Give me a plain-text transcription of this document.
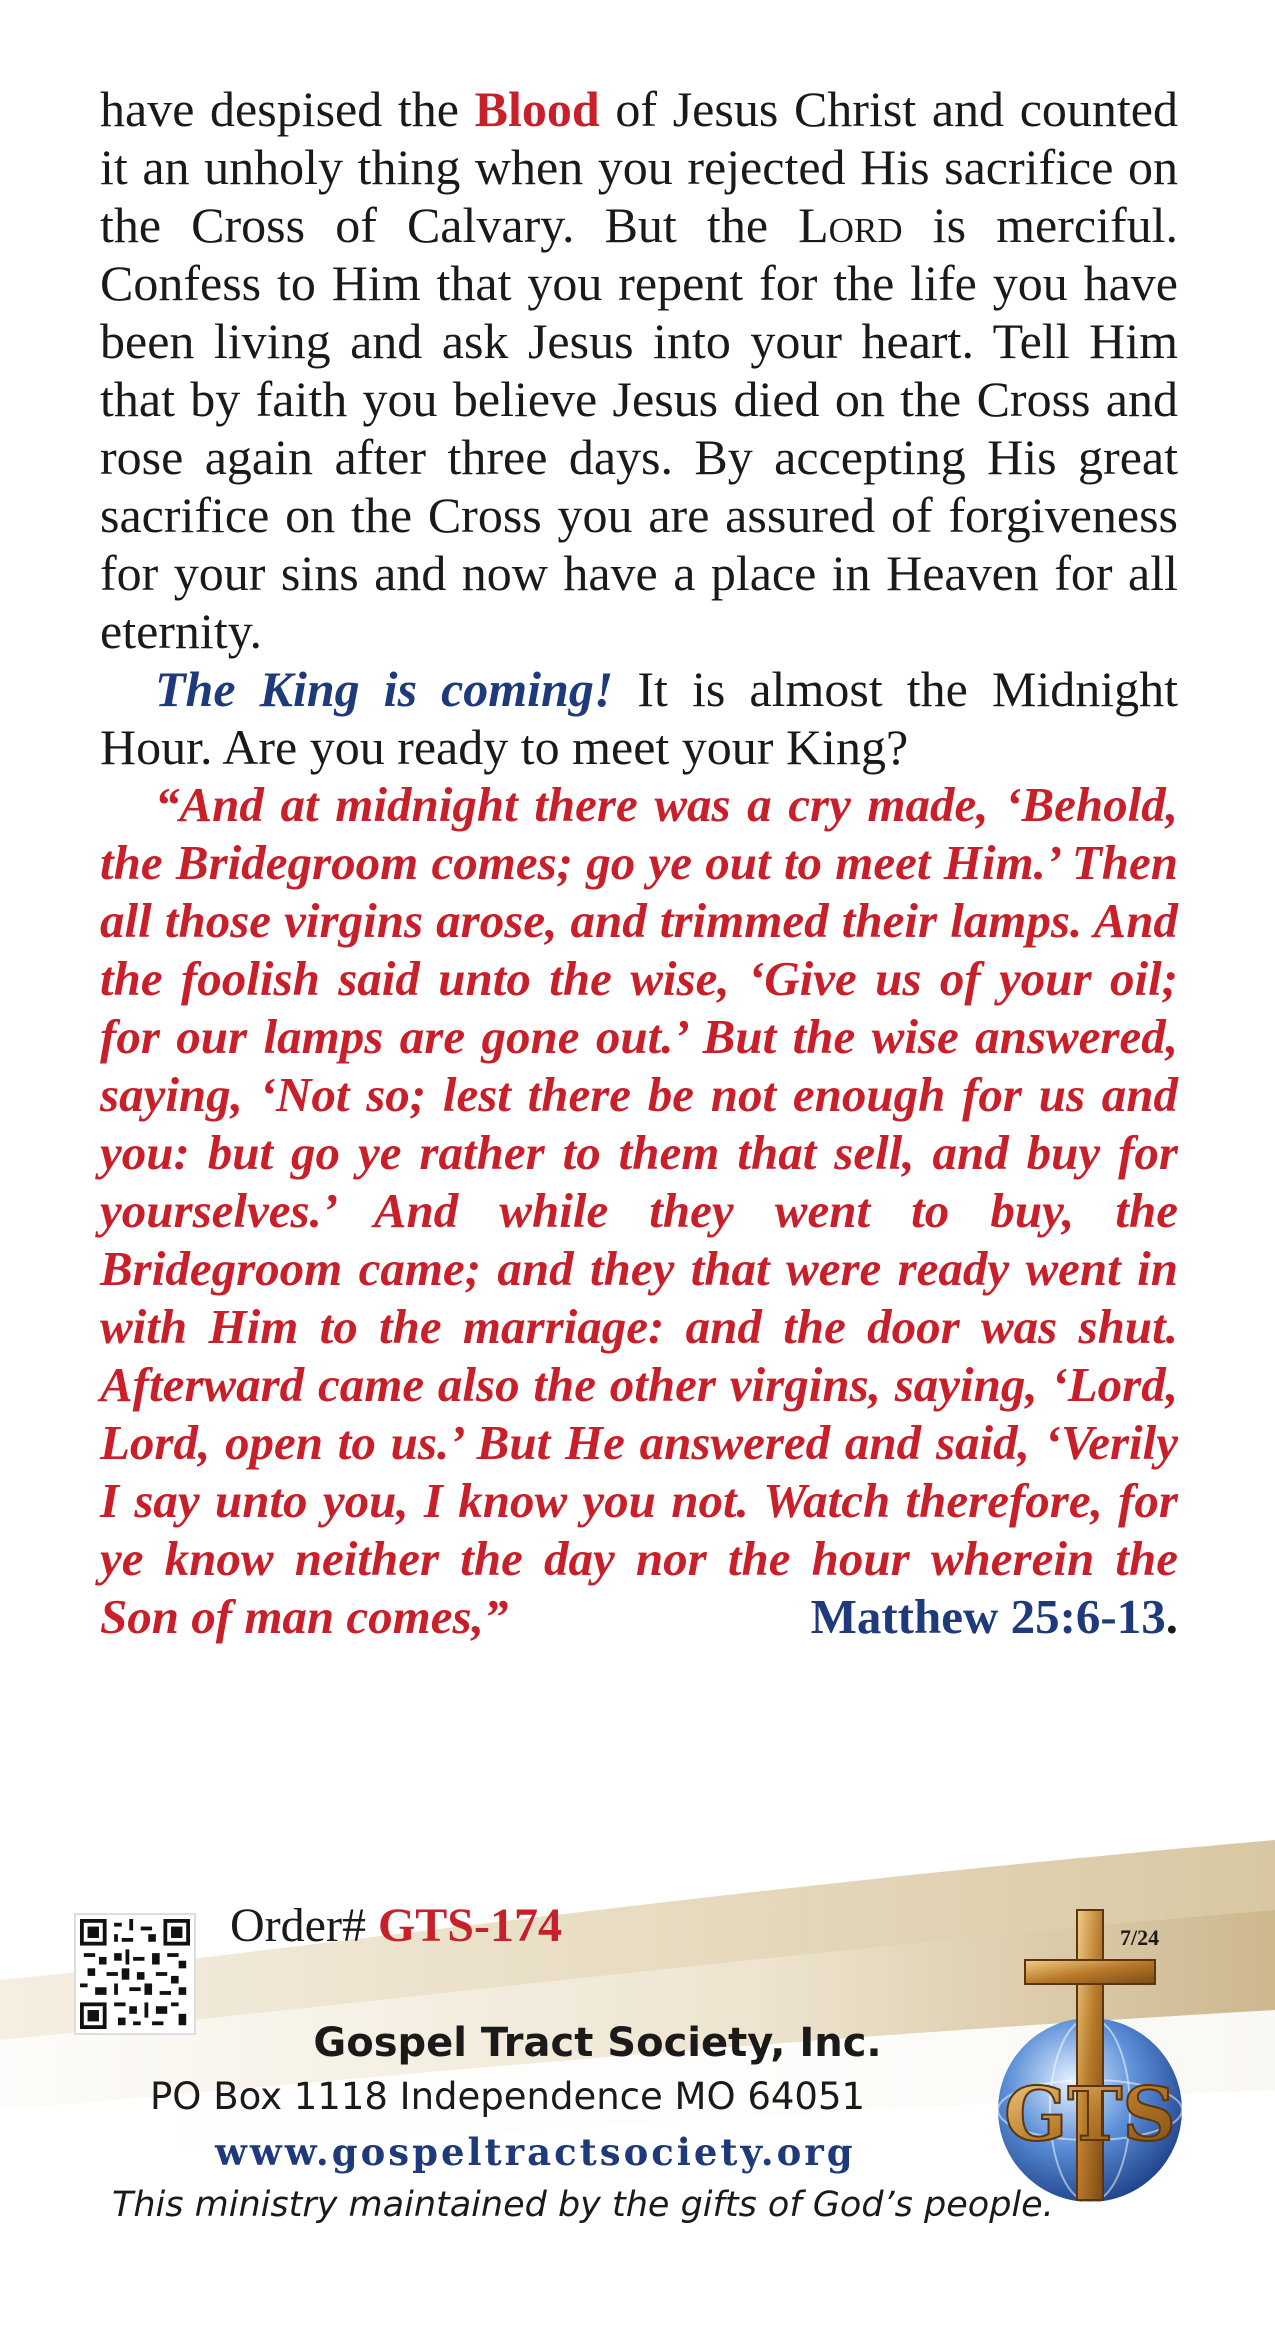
have despised the Blood of Jesus Christ and counted it an unholy thing when you rejected His sacrifice on the Cross of Calvary. But the Lord is merciful. Confess to Him that you repent for the life you have been living and ask Jesus into your heart. Tell Him that by faith you believe Jesus died on the Cross and rose again after three days. By accepting His great sacrifice on the Cross you are assured of forgiveness for your sins and now have a place in Heaven for all eternity.

The King is coming! It is almost the Midnight Hour. Are you ready to meet your King?

“And at midnight there was a cry made, ‘Behold, the Bridegroom comes; go ye out to meet Him.’ Then all those virgins arose, and trimmed their lamps. And the foolish said unto the wise, ‘Give us of your oil; for our lamps are gone out.’ But the wise answered, saying, ‘Not so; lest there be not enough for us and you: but go ye rather to them that sell, and buy for yourselves.’ And while they went to buy, the Bridegroom came; and they that were ready went in with Him to the marriage: and the door was shut. Afterward came also the other virgins, saying, ‘Lord, Lord, open to us.’ But He answered and said, ‘Verily I say unto you, I know you not. Watch therefore, for ye know neither the day nor the hour wherein the Son of man comes,”	Matthew 25:6-13.

Order# GTS-174	7/24
GTS
Gospel Tract Society, Inc.
PO Box 1118 Independence MO 64051
www.gospeltractsociety.org
This ministry maintained by the gifts of God’s people.
